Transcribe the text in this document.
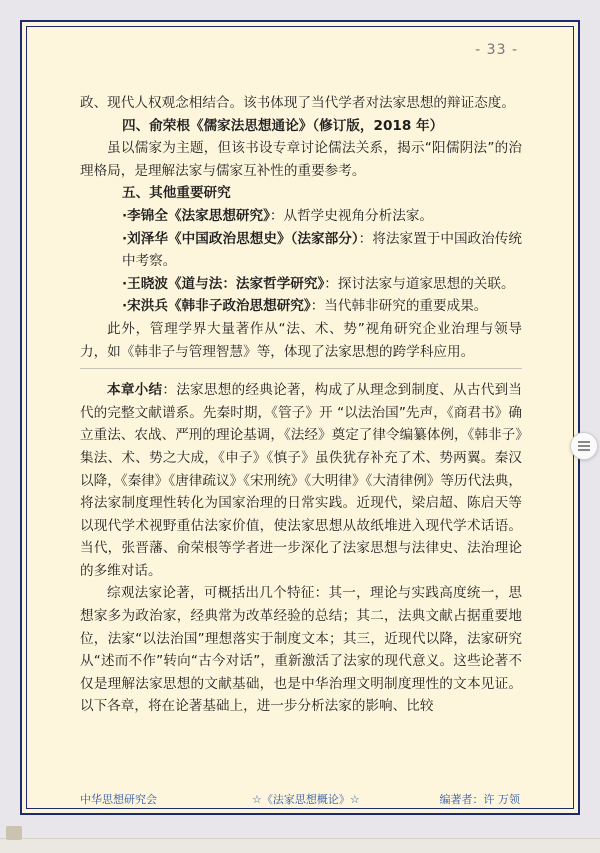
- 33 -

政、现代人权观念相结合。该书体现了当代学者对法家思想的辩证态度。

四、俞荣根《儒家法思想通论》（修订版，2018 年）

虽以儒家为主题，但该书设专章讨论儒法关系，揭示“阳儒阴法”的治理格局，是理解法家与儒家互补性的重要参考。

五、其他重要研究

·李锦全《法家思想研究》：从哲学史视角分析法家。

·刘泽华《中国政治思想史》（法家部分）：将法家置于中国政治传统中考察。

·王晓波《道与法：法家哲学研究》：探讨法家与道家思想的关联。

·宋洪兵《韩非子政治思想研究》：当代韩非研究的重要成果。

此外，管理学界大量著作从“法、术、势”视角研究企业治理与领导力，如《韩非子与管理智慧》等，体现了法家思想的跨学科应用。

本章小结：法家思想的经典论著，构成了从理念到制度、从古代到当代的完整文献谱系。先秦时期，《管子》开 “以法治国”先声，《商君书》确立重法、农战、严刑的理论基调，《法经》奠定了律令编纂体例，《韩非子》集法、术、势之大成，《申子》《慎子》虽佚犹存补充了术、势两翼。秦汉以降，《秦律》《唐律疏议》《宋刑统》《大明律》《大清律例》等历代法典，将法家制度理性转化为国家治理的日常实践。近现代，梁启超、陈启天等以现代学术视野重估法家价值，使法家思想从故纸堆进入现代学术话语。当代，张晋藩、俞荣根等学者进一步深化了法家思想与法律史、法治理论的多维对话。

综观法家论著，可概括出几个特征：其一，理论与实践高度统一，思想家多为政治家，经典常为改革经验的总结；其二，法典文献占据重要地位，法家“以法治国”理想落实于制度文本；其三，近现代以降，法家研究从“述而不作”转向“古今对话”，重新激活了法家的现代意义。这些论著不仅是理解法家思想的文献基础，也是中华治理文明制度理性的文本见证。以下各章，将在论著基础上，进一步分析法家的影响、比较

中华思想研究会	☆《法家思想概论》☆	编著者：许 万领
